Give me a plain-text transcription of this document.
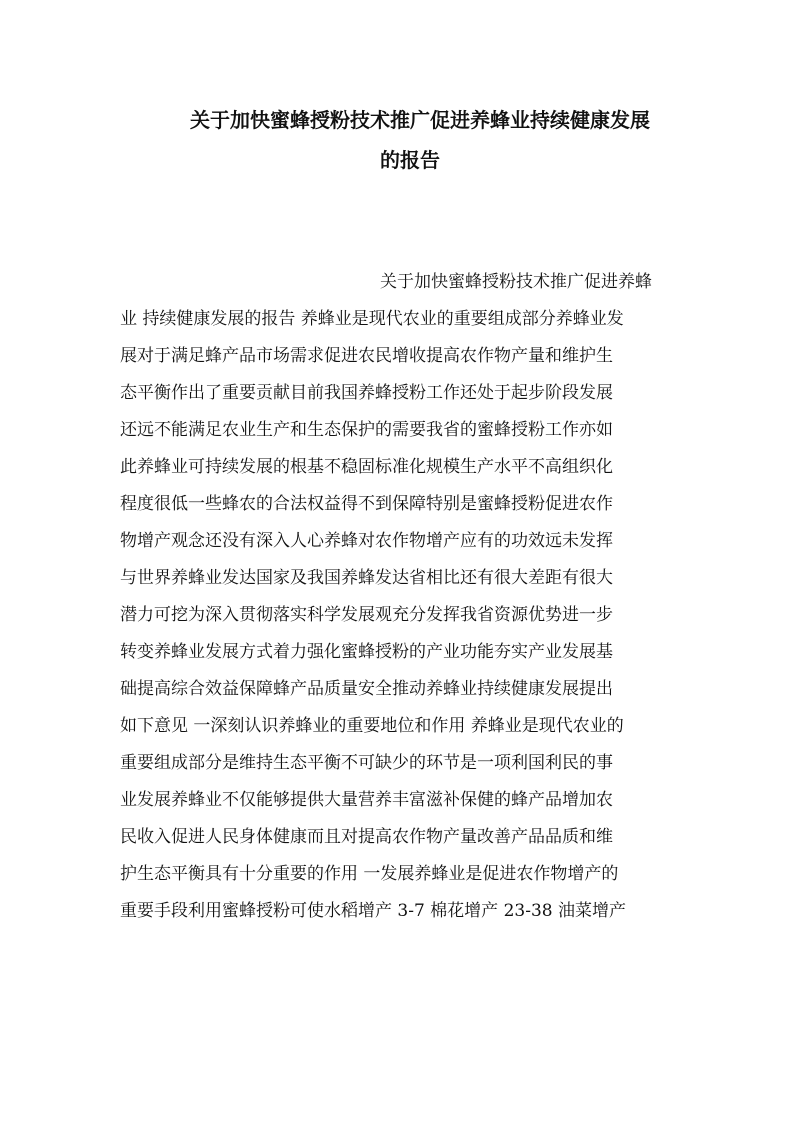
关于加快蜜蜂授粉技术推广促进养蜂业持续健康发展
的报告
关于加快蜜蜂授粉技术推广促进养蜂
业 持续健康发展的报告 养蜂业是现代农业的重要组成部分养蜂业发
展对于满足蜂产品市场需求促进农民增收提高农作物产量和维护生
态平衡作出了重要贡献目前我国养蜂授粉工作还处于起步阶段发展
还远不能满足农业生产和生态保护的需要我省的蜜蜂授粉工作亦如
此养蜂业可持续发展的根基不稳固标准化规模生产水平不高组织化
程度很低一些蜂农的合法权益得不到保障特别是蜜蜂授粉促进农作
物增产观念还没有深入人心养蜂对农作物增产应有的功效远未发挥
与世界养蜂业发达国家及我国养蜂发达省相比还有很大差距有很大
潜力可挖为深入贯彻落实科学发展观充分发挥我省资源优势进一步
转变养蜂业发展方式着力强化蜜蜂授粉的产业功能夯实产业发展基
础提高综合效益保障蜂产品质量安全推动养蜂业持续健康发展提出
如下意见 一深刻认识养蜂业的重要地位和作用 养蜂业是现代农业的
重要组成部分是维持生态平衡不可缺少的环节是一项利国利民的事
业发展养蜂业不仅能够提供大量营养丰富滋补保健的蜂产品增加农
民收入促进人民身体健康而且对提高农作物产量改善产品品质和维
护生态平衡具有十分重要的作用 一发展养蜂业是促进农作物增产的
重要手段利用蜜蜂授粉可使水稻增产 3-7 棉花增产 23-38 油菜增产
